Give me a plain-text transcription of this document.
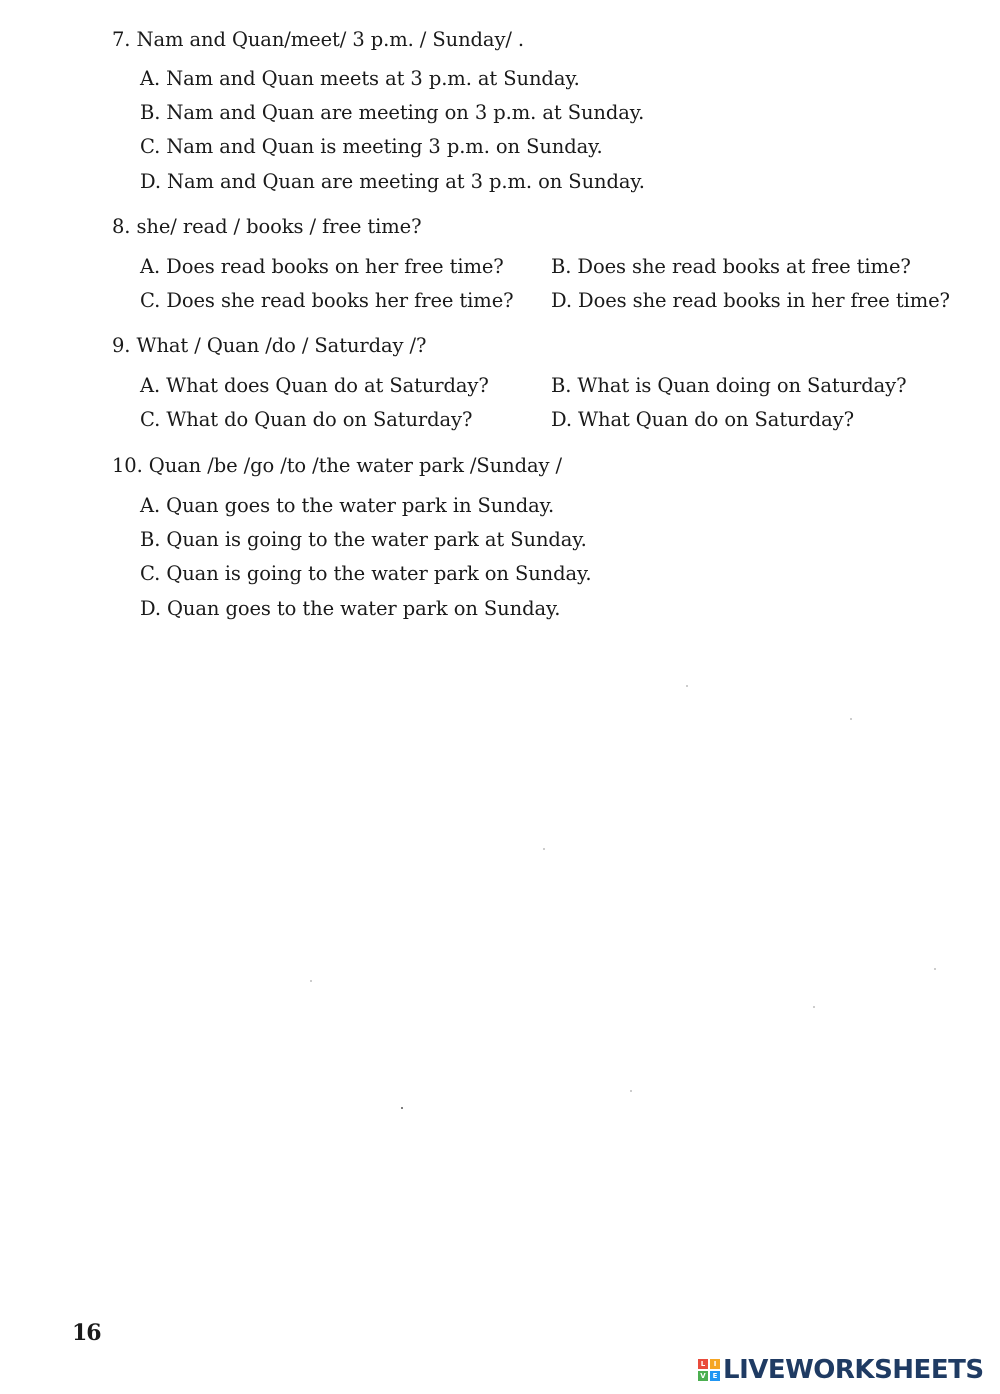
7. Nam and Quan/meet/ 3 p.m. / Sunday/ .
A. Nam and Quan meets at 3 p.m. at Sunday.
B. Nam and Quan are meeting on 3 p.m. at Sunday.
C. Nam and Quan is meeting 3 p.m. on Sunday.
D. Nam and Quan are meeting at 3 p.m. on Sunday.
8. she/ read / books / free time?
A. Does read books on her free time? B. Does she read books at free time?
C. Does she read books her free time? D. Does she read books in her free time?
9. What / Quan /do / Saturday /?
A. What does Quan do at Saturday?	B. What is Quan doing on Saturday?
C. What do Quan do on Saturday?	D. What Quan do on Saturday?
10. Quan /be /go /to /the water park /Sunday /
A. Quan goes to the water park in Sunday.
B. Quan is going to the water park at Sunday.
C. Quan is going to the water park on Sunday.
D. Quan goes to the water park on Sunday.
16
L	I
V E LIVEWORKSHEETS
